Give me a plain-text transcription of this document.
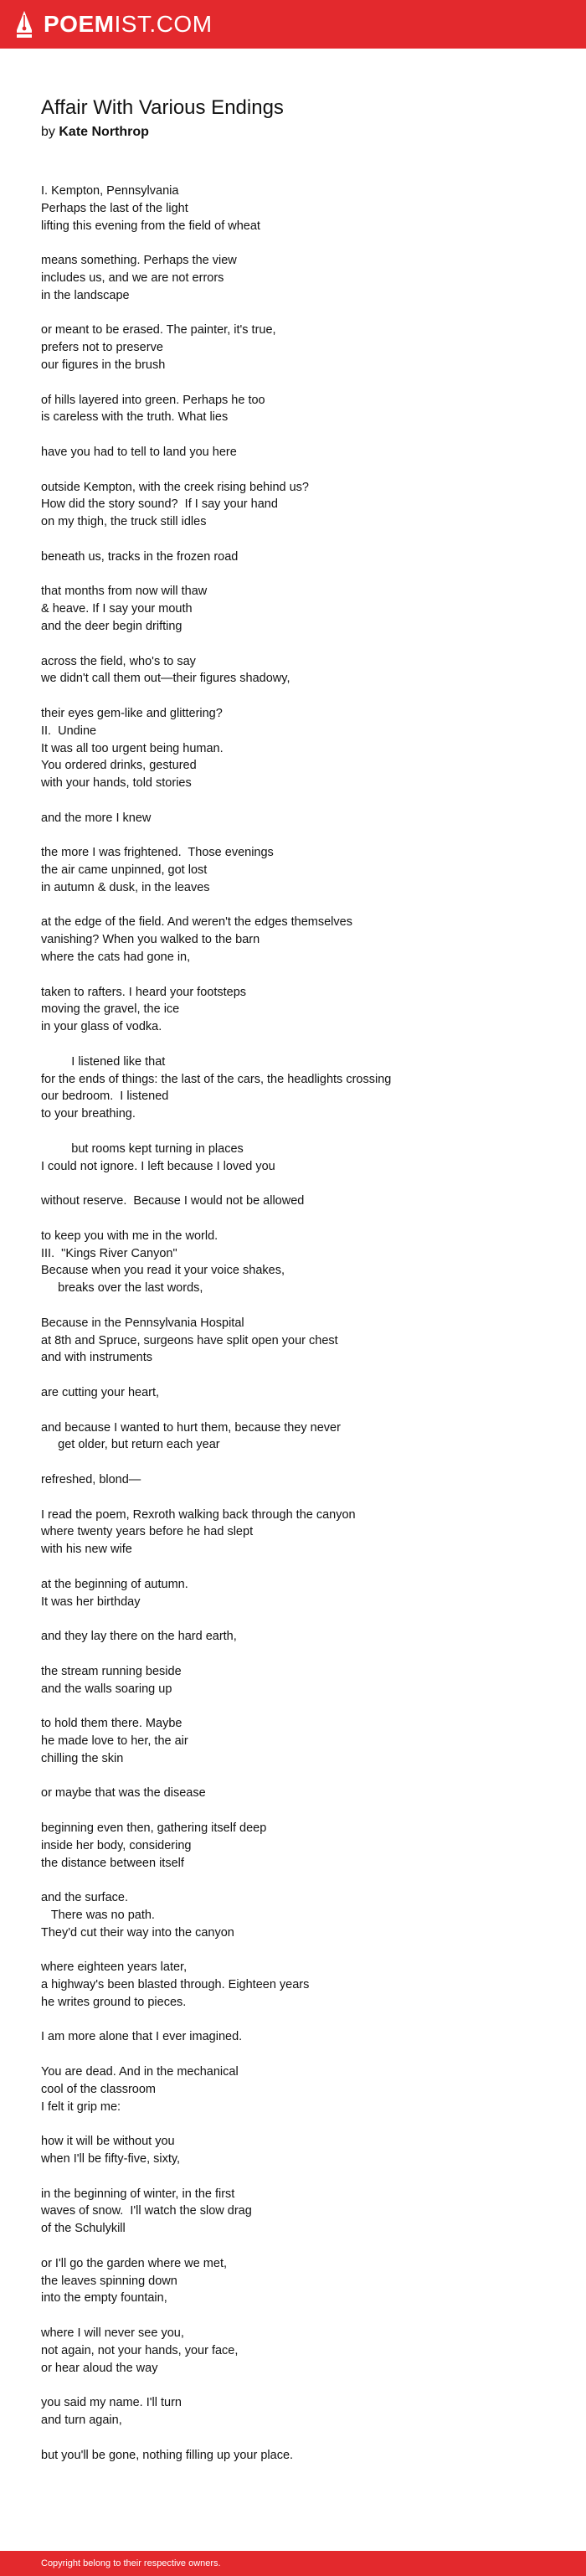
POEMIST.COM
Affair With Various Endings
by Kate Northrop
I. Kempton, Pennsylvania
Perhaps the last of the light
lifting this evening from the field of wheat
means something. Perhaps the view
includes us, and we are not errors
in the landscape
or meant to be erased. The painter, it's true,
prefers not to preserve
our figures in the brush
of hills layered into green. Perhaps he too
is careless with the truth. What lies
have you had to tell to land you here
outside Kempton, with the creek rising behind us?
How did the story sound?  If I say your hand
on my thigh, the truck still idles
beneath us, tracks in the frozen road
that months from now will thaw
& heave. If I say your mouth
and the deer begin drifting
across the field, who's to say
we didn't call them out—their figures shadowy,
their eyes gem-like and glittering?
II.  Undine
It was all too urgent being human.
You ordered drinks, gestured
with your hands, told stories
and the more I knew
the more I was frightened.  Those evenings
the air came unpinned, got lost
in autumn & dusk, in the leaves
at the edge of the field. And weren't the edges themselves
vanishing? When you walked to the barn
where the cats had gone in,
taken to rafters. I heard your footsteps
moving the gravel, the ice
in your glass of vodka.
I listened like that
for the ends of things: the last of the cars, the headlights crossing
our bedroom.  I listened
to your breathing.
but rooms kept turning in places
I could not ignore. I left because I loved you
without reserve.  Because I would not be allowed
to keep you with me in the world.
III.  "Kings River Canyon"
Because when you read it your voice shakes,
breaks over the last words,
Because in the Pennsylvania Hospital
at 8th and Spruce, surgeons have split open your chest
and with instruments
are cutting your heart,
and because I wanted to hurt them, because they never
get older, but return each year
refreshed, blond—
I read the poem, Rexroth walking back through the canyon
where twenty years before he had slept
with his new wife
at the beginning of autumn.
It was her birthday
and they lay there on the hard earth,
the stream running beside
and the walls soaring up
to hold them there. Maybe
he made love to her, the air
chilling the skin
or maybe that was the disease
beginning even then, gathering itself deep
inside her body, considering
the distance between itself
and the surface.
There was no path.
They'd cut their way into the canyon
where eighteen years later,
a highway's been blasted through. Eighteen years
he writes ground to pieces.
I am more alone that I ever imagined.
You are dead. And in the mechanical
cool of the classroom
I felt it grip me:
how it will be without you
when I'll be fifty-five, sixty,
in the beginning of winter, in the first
waves of snow.  I'll watch the slow drag
of the Schulykill
or I'll go the garden where we met,
the leaves spinning down
into the empty fountain,
where I will never see you,
not again, not your hands, your face,
or hear aloud the way
you said my name. I'll turn
and turn again,
but you'll be gone, nothing filling up your place.
Copyright belong to their respective owners.
